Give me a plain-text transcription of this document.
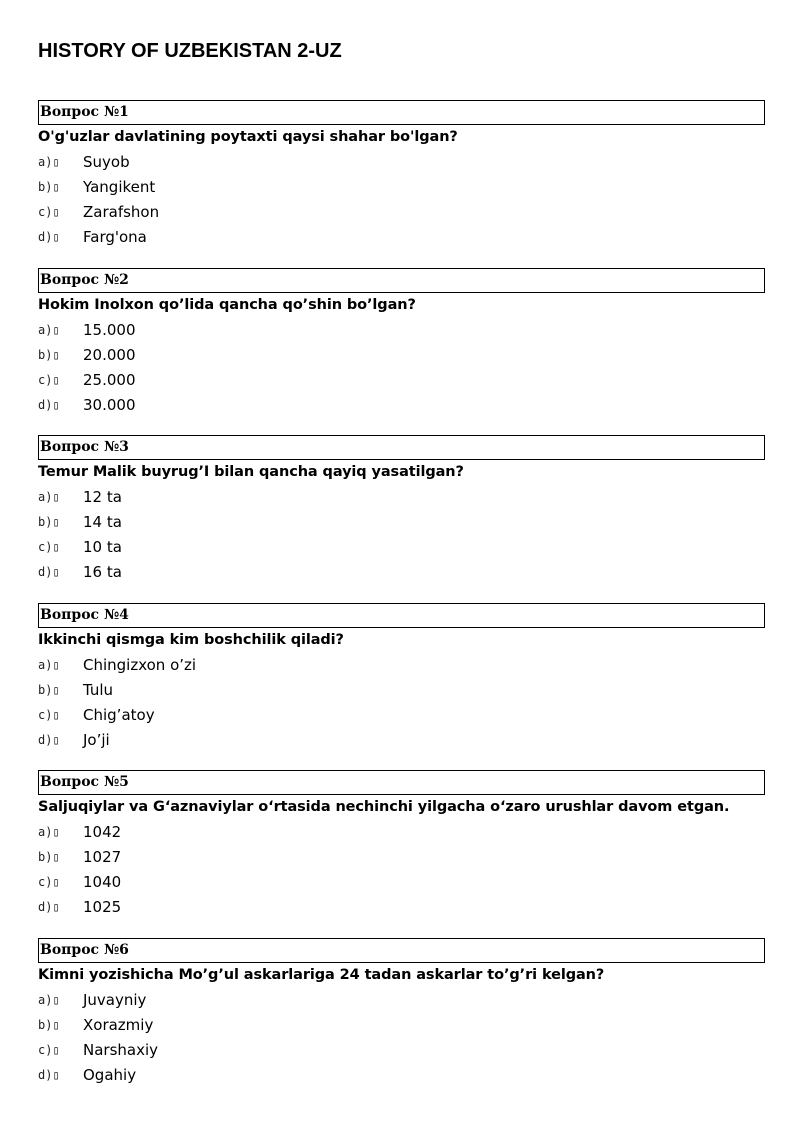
HISTORY OF UZBEKISTAN 2-UZ
Вопрос №1
O'g'uzlar davlatining poytaxti qaysi shahar bo'lgan?
a)▯	Suyob
b)▯	Yangikent
c)▯	Zarafshon
d)▯	Farg'ona
Вопрос №2
Hokim Inolxon qo’lida qancha qo’shin bo’lgan?
a)▯	15.000
b)▯	20.000
c)▯	25.000
d)▯	30.000
Вопрос №3
Temur Malik buyrug’I bilan qancha qayiq yasatilgan?
a)▯	12 ta
b)▯	14 ta
c)▯	10 ta
d)▯	16 ta
Вопрос №4
Ikkinchi qismga kim boshchilik qiladi?
a)▯	Chingizxon o’zi
b)▯	Tulu
c)▯	Chig’atoy
d)▯	Jo’ji
Вопрос №5
Saljuqiylar va G‘aznaviylar o‘rtasida nechinchi yilgacha o‘zaro urushlar davom etgan.
a)▯	1042
b)▯	1027
c)▯	1040
d)▯	1025
Вопрос №6
Kimni yozishicha Mo’g’ul askarlariga 24 tadan askarlar to’g’ri kelgan?
a)▯	Juvayniy
b)▯	Xorazmiy
c)▯	Narshaxiy
d)▯	Ogahiy
